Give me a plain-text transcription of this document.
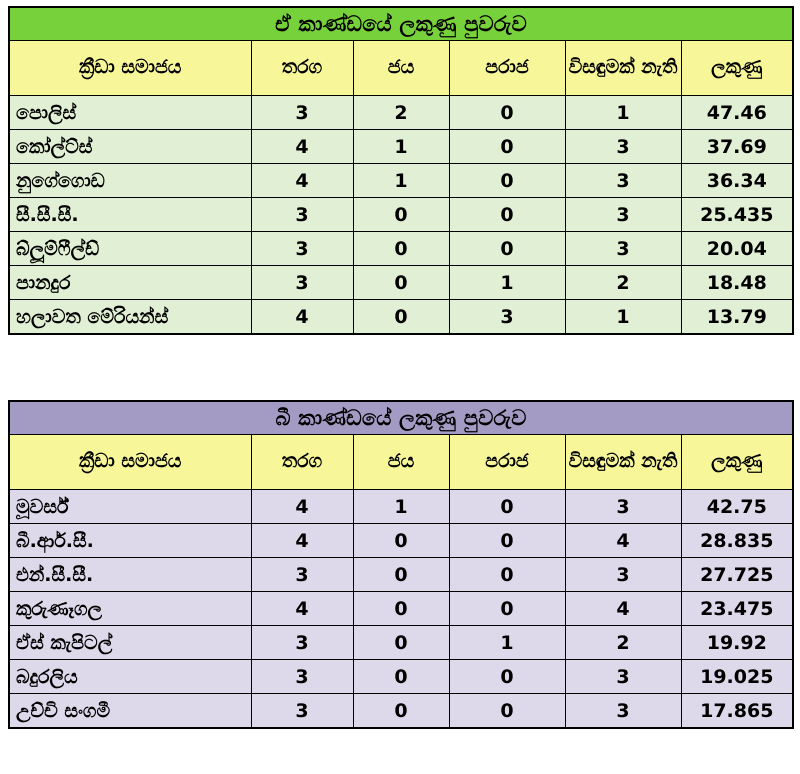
ඒ කාණ්ඩයේ ලකුණු පුවරුව					
ක්‍රීඩා සමාජය	තරග	ජය	පරාජ	විසඳුමක් නැති	ලකුණු
පොලිස්	3	2	0	1	47.46
කෝල්ට්ස්	4	1	0	3	37.69
නුගේගොඩ	4	1	0	3	36.34
සී.සී.සී.	3	0	0	3	25.435
බ්ලූම්ෆීල්ඩ්	3	0	0	3	20.04
පානදුර	3	0	1	2	18.48
හලාවත මේරියන්ස්	4	0	3	1	13.79
බී කාණ්ඩයේ ලකුණු පුවරුව					
ක්‍රීඩා සමාජය	තරග	ජය	පරාජ	විසඳුමක් නැති	ලකුණු
මූවර්ස්	4	1	0	3	42.75
බී.ආර්.සී.	4	0	0	4	28.835
එන්.සී.සී.	3	0	0	3	27.725
කුරුණෑගල	4	0	0	4	23.475
ඒස් කැපිටල්	3	0	1	2	19.92
බදුරලිය	3	0	0	3	19.025
උච්චි සංගමී	3	0	0	3	17.865
